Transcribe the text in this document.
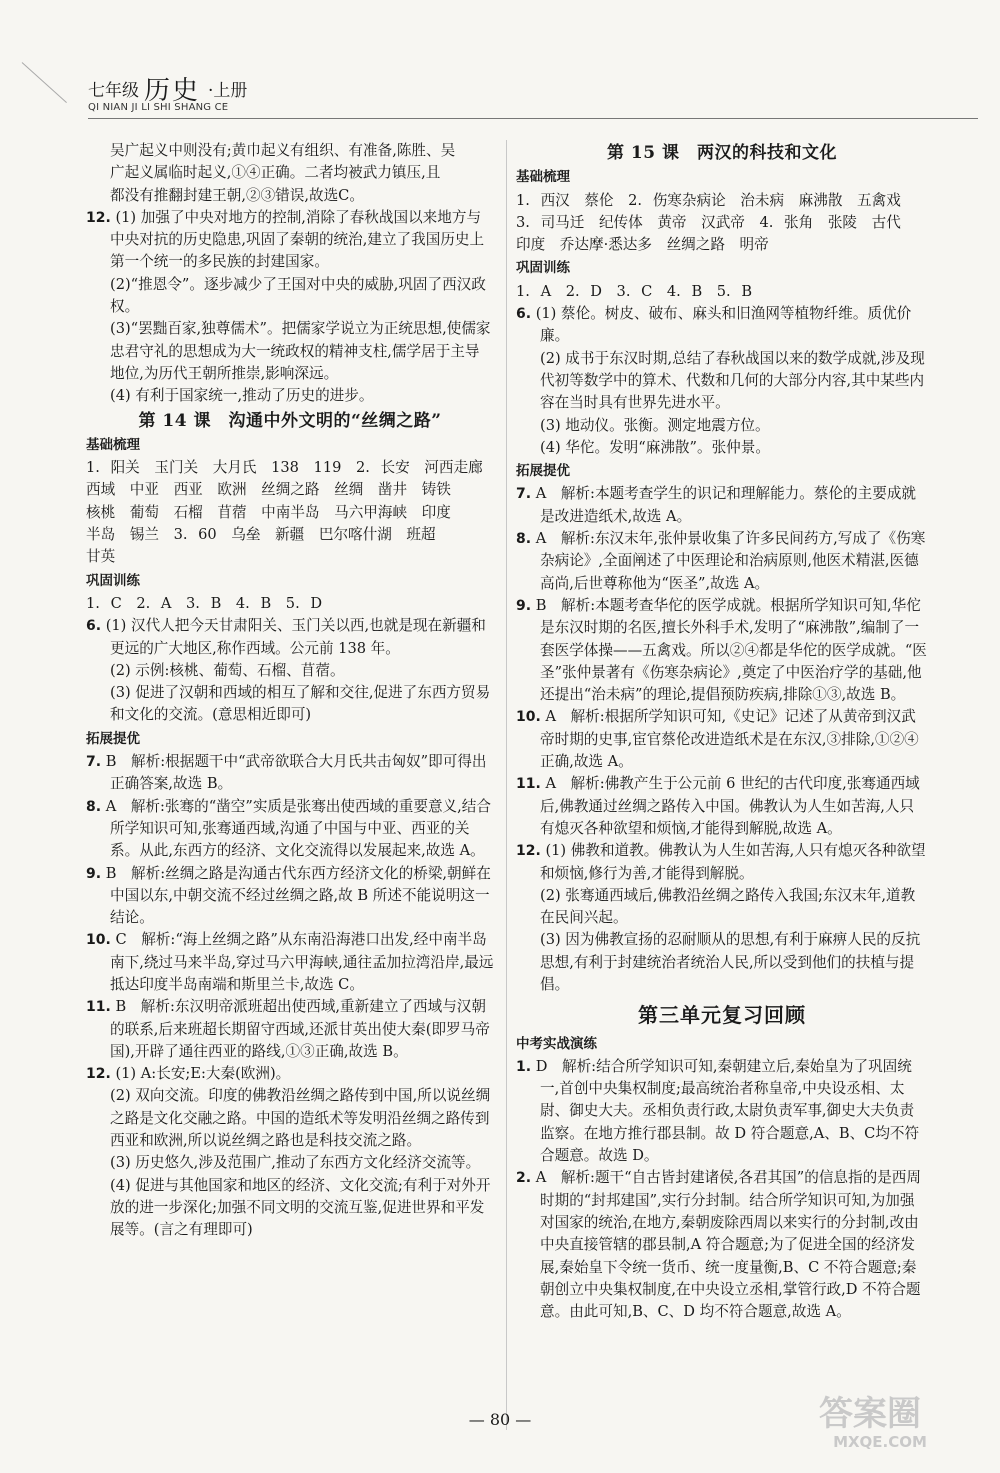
七年级 历史 ·上册
QI NIAN JI LI SHI SHANG CE

吴广起义中则没有;黄巾起义有组织、有准备,陈胜、吴

广起义属临时起义,①④正确。二者均被武力镇压,且

都没有推翻封建王朝,②③错误,故选C。

12. (1) 加强了中央对地方的控制,消除了春秋战国以来地方与中央对抗的历史隐患,巩固了秦朝的统治,建立了我国历史上第一个统一的多民族的封建国家。

(2)“推恩令”。逐步减少了王国对中央的威胁,巩固了西汉政权。

(3)“罢黜百家,独尊儒术”。把儒家学说立为正统思想,使儒家忠君守礼的思想成为大一统政权的精神支柱,儒学居于主导地位,为历代王朝所推崇,影响深远。

(4) 有利于国家统一,推动了历史的进步。

第 14 课　沟通中外文明的“丝绸之路”

基础梳理

1. 阳关　玉门关　大月氏　138　119　2. 长安　河西走廊

西域　中亚　西亚　欧洲　丝绸之路　丝绸　凿井　铸铁

核桃　葡萄　石榴　苜蓿　中南半岛　马六甲海峡　印度

半岛　锡兰　3. 60　乌垒　新疆　巴尔喀什湖　班超

甘英

巩固训练

1. C　2. A　3. B　4. B　5. D

6. (1) 汉代人把今天甘肃阳关、玉门关以西,也就是现在新疆和更远的广大地区,称作西域。公元前 138 年。

(2) 示例:核桃、葡萄、石榴、苜蓿。

(3) 促进了汉朝和西域的相互了解和交往,促进了东西方贸易和文化的交流。(意思相近即可)

拓展提优

7. B　解析:根据题干中“武帝欲联合大月氏共击匈奴”即可得出正确答案,故选 B。

8. A　解析:张骞的“凿空”实质是张骞出使西域的重要意义,结合所学知识可知,张骞通西域,沟通了中国与中亚、西亚的关系。从此,东西方的经济、文化交流得以发展起来,故选 A。

9. B　解析:丝绸之路是沟通古代东西方经济文化的桥梁,朝鲜在中国以东,中朝交流不经过丝绸之路,故 B 所述不能说明这一结论。

10. C　解析:“海上丝绸之路”从东南沿海港口出发,经中南半岛南下,绕过马来半岛,穿过马六甲海峡,通往孟加拉湾沿岸,最远抵达印度半岛南端和斯里兰卡,故选 C。

11. B　解析:东汉明帝派班超出使西域,重新建立了西域与汉朝的联系,后来班超长期留守西域,还派甘英出使大秦(即罗马帝国),开辟了通往西亚的路线,①③正确,故选 B。

12. (1) A:长安;E:大秦(欧洲)。

(2) 双向交流。印度的佛教沿丝绸之路传到中国,所以说丝绸之路是文化交融之路。中国的造纸术等发明沿丝绸之路传到西亚和欧洲,所以说丝绸之路也是科技交流之路。

(3) 历史悠久,涉及范围广,推动了东西方文化经济交流等。

(4) 促进与其他国家和地区的经济、文化交流;有利于对外开放的进一步深化;加强不同文明的交流互鉴,促进世界和平发展等。(言之有理即可)

第 15 课　两汉的科技和文化

基础梳理

1. 西汉　蔡伦　2. 伤寒杂病论　治未病　麻沸散　五禽戏

3. 司马迁　纪传体　黄帝　汉武帝　4. 张角　张陵　古代

印度　乔达摩·悉达多　丝绸之路　明帝

巩固训练

1. A　2. D　3. C　4. B　5. B

6. (1) 蔡伦。树皮、破布、麻头和旧渔网等植物纤维。质优价廉。

(2) 成书于东汉时期,总结了春秋战国以来的数学成就,涉及现代初等数学中的算术、代数和几何的大部分内容,其中某些内容在当时具有世界先进水平。

(3) 地动仪。张衡。测定地震方位。

(4) 华佗。发明“麻沸散”。张仲景。

拓展提优

7. A　解析:本题考查学生的识记和理解能力。蔡伦的主要成就是改进造纸术,故选 A。

8. A　解析:东汉末年,张仲景收集了许多民间药方,写成了《伤寒杂病论》,全面阐述了中医理论和治病原则,他医术精湛,医德高尚,后世尊称他为“医圣”,故选 A。

9. B　解析:本题考查华佗的医学成就。根据所学知识可知,华佗是东汉时期的名医,擅长外科手术,发明了“麻沸散”,编制了一套医学体操——五禽戏。所以②④都是华佗的医学成就。“医圣”张仲景著有《伤寒杂病论》,奠定了中医治疗学的基础,他还提出“治未病”的理论,提倡预防疾病,排除①③,故选 B。

10. A　解析:根据所学知识可知,《史记》记述了从黄帝到汉武帝时期的史事,宦官蔡伦改进造纸术是在东汉,③排除,①②④正确,故选 A。

11. A　解析:佛教产生于公元前 6 世纪的古代印度,张骞通西域后,佛教通过丝绸之路传入中国。佛教认为人生如苦海,人只有熄灭各种欲望和烦恼,才能得到解脱,故选 A。

12. (1) 佛教和道教。佛教认为人生如苦海,人只有熄灭各种欲望和烦恼,修行为善,才能得到解脱。

(2) 张骞通西域后,佛教沿丝绸之路传入我国;东汉末年,道教在民间兴起。

(3) 因为佛教宣扬的忍耐顺从的思想,有利于麻痹人民的反抗思想,有利于封建统治者统治人民,所以受到他们的扶植与提倡。

第三单元复习回顾

中考实战演练

1. D　解析:结合所学知识可知,秦朝建立后,秦始皇为了巩固统一,首创中央集权制度;最高统治者称皇帝,中央设丞相、太尉、御史大夫。丞相负责行政,太尉负责军事,御史大夫负责监察。在地方推行郡县制。故 D 符合题意,A、B、C均不符合题意。故选 D。

2. A　解析:题干“自古皆封建诸侯,各君其国”的信息指的是西周时期的“封邦建国”,实行分封制。结合所学知识可知,为加强对国家的统治,在地方,秦朝废除西周以来实行的分封制,改由中央直接管辖的郡县制,A 符合题意;为了促进全国的经济发展,秦始皇下令统一货币、统一度量衡,B、C 不符合题意;秦朝创立中央集权制度,在中央设立丞相,掌管行政,D 不符合题意。由此可知,B、C、D 均不符合题意,故选 A。

— 80 —	答案圈
MXQE.COM
